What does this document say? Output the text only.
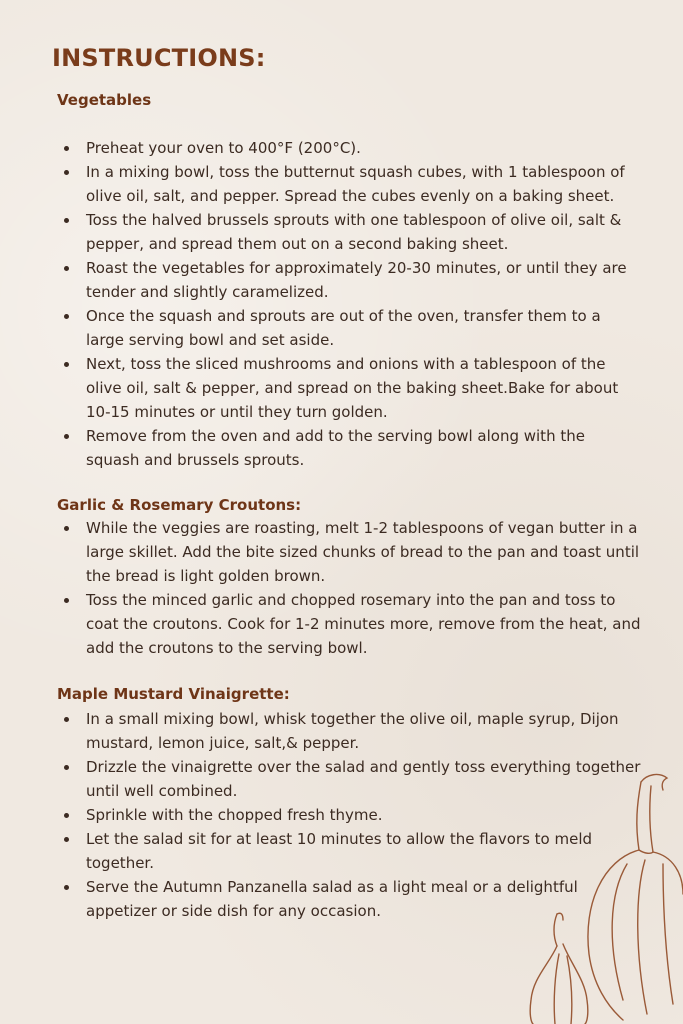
INSTRUCTIONS:
Vegetables
Preheat your oven to 400°F (200°C).
In a mixing bowl, toss the butternut squash cubes, with 1 tablespoon of olive oil, salt, and pepper. Spread the cubes evenly on a baking sheet.
Toss the halved brussels sprouts with one tablespoon of olive oil, salt & pepper, and spread them out on a second baking sheet.
Roast the vegetables for approximately 20-30 minutes, or until they are tender and slightly caramelized.
Once the squash and sprouts are out of the oven, transfer them to a large serving bowl and set aside.
Next, toss the sliced mushrooms and onions with a tablespoon of the olive oil, salt & pepper, and spread on the baking sheet.Bake for about 10-15 minutes or until they turn golden.
Remove from the oven and add to the serving bowl along with the squash and brussels sprouts.
Garlic & Rosemary Croutons:
While the veggies are roasting, melt 1-2 tablespoons of vegan butter in a large skillet. Add the bite sized chunks of bread to the pan and toast until the bread is light golden brown.
Toss the minced garlic and chopped rosemary into the pan and toss to coat the croutons. Cook for 1-2 minutes more, remove from the heat, and add the croutons to the serving bowl.
Maple Mustard Vinaigrette:
In a small mixing bowl, whisk together the olive oil, maple syrup, Dijon mustard, lemon juice, salt,& pepper.
Drizzle the vinaigrette over the salad and gently toss everything together until well combined.
Sprinkle with the chopped fresh thyme.
Let the salad sit for at least 10 minutes to allow the flavors to meld together.
Serve the Autumn Panzanella salad as a light meal or a delightful appetizer or side dish for any occasion.
